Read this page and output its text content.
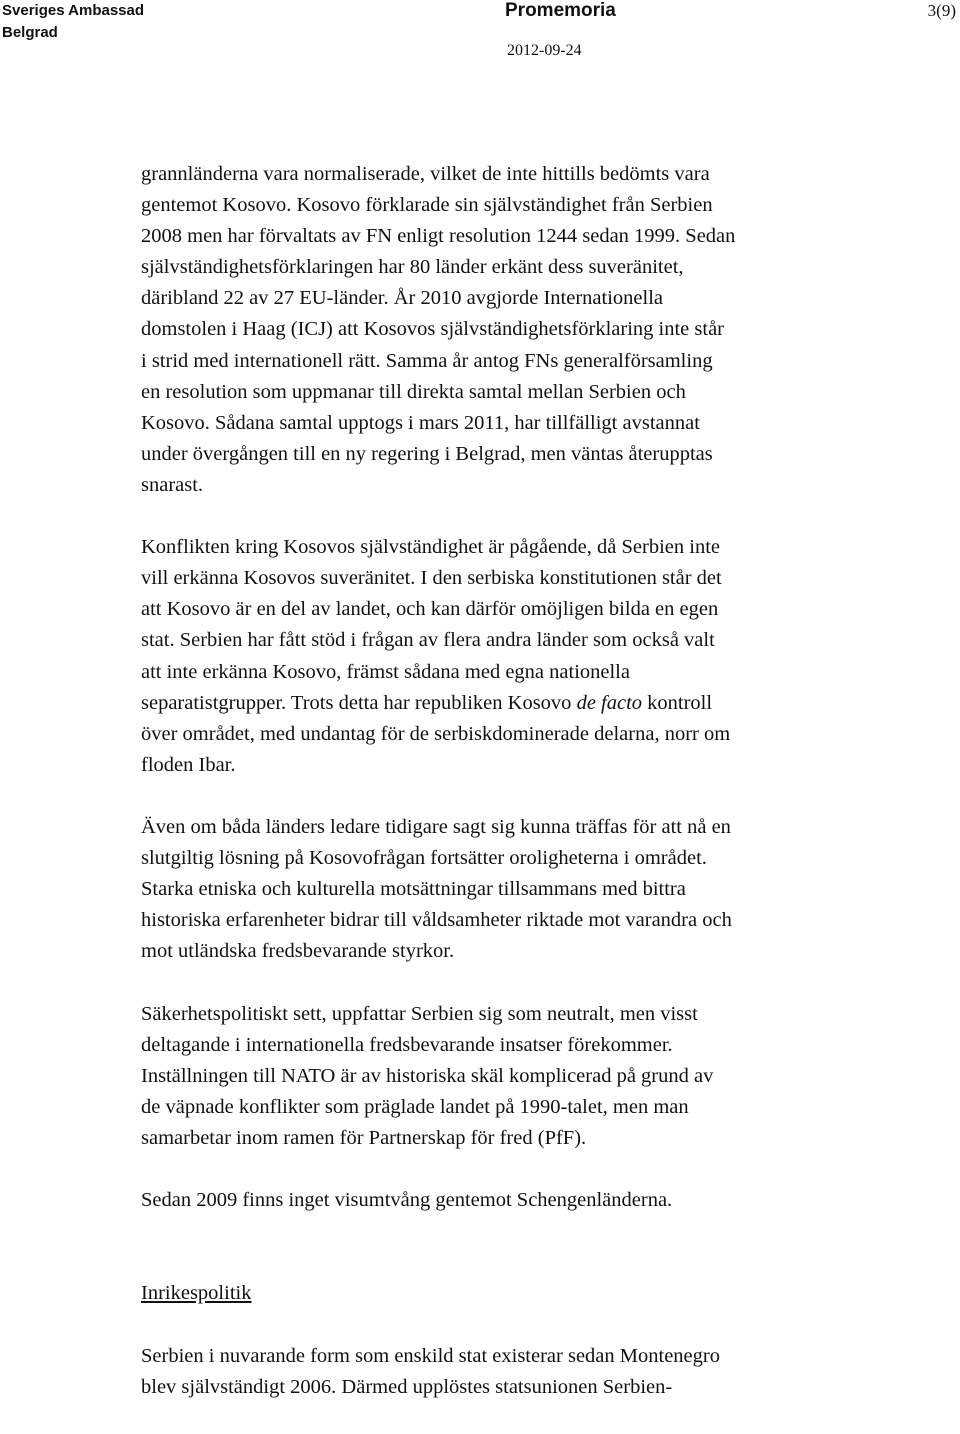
Sveriges Ambassad
Belgrad
Promemoria
2012-09-24
3(9)
grannländerna vara normaliserade, vilket de inte hittills bedömts vara
gentemot Kosovo. Kosovo förklarade sin självständighet från Serbien
2008 men har förvaltats av FN enligt resolution 1244 sedan 1999. Sedan
självständighetsförklaringen har 80 länder erkänt dess suveränitet,
däribland 22 av 27 EU-länder. År 2010 avgjorde Internationella
domstolen i Haag (ICJ) att Kosovos självständighetsförklaring inte står
i strid med internationell rätt. Samma år antog FNs generalförsamling
en resolution som uppmanar till direkta samtal mellan Serbien och
Kosovo. Sådana samtal upptogs i mars 2011, har tillfälligt avstannat
under övergången till en ny regering i Belgrad, men väntas återupptas
snarast.
Konflikten kring Kosovos självständighet är pågående, då Serbien inte
vill erkänna Kosovos suveränitet. I den serbiska konstitutionen står det
att Kosovo är en del av landet, och kan därför omöjligen bilda en egen
stat. Serbien har fått stöd i frågan av flera andra länder som också valt
att inte erkänna Kosovo, främst sådana med egna nationella
separatistgrupper. Trots detta har republiken Kosovo de facto kontroll
över området, med undantag för de serbiskdominerade delarna, norr om
floden Ibar.
Även om båda länders ledare tidigare sagt sig kunna träffas för att nå en
slutgiltig lösning på Kosovofrågan fortsätter oroligheterna i området.
Starka etniska och kulturella motsättningar tillsammans med bittra
historiska erfarenheter bidrar till våldsamheter riktade mot varandra och
mot utländska fredsbevarande styrkor.
Säkerhetspolitiskt sett, uppfattar Serbien sig som neutralt, men visst
deltagande i internationella fredsbevarande insatser förekommer.
Inställningen till NATO är av historiska skäl komplicerad på grund av
de väpnade konflikter som präglade landet på 1990-talet, men man
samarbetar inom ramen för Partnerskap för fred (PfF).
Sedan 2009 finns inget visumtvång gentemot Schengenländerna.
Inrikespolitik
Serbien i nuvarande form som enskild stat existerar sedan Montenegro
blev självständigt 2006. Därmed upplöstes statsunionen Serbien-
